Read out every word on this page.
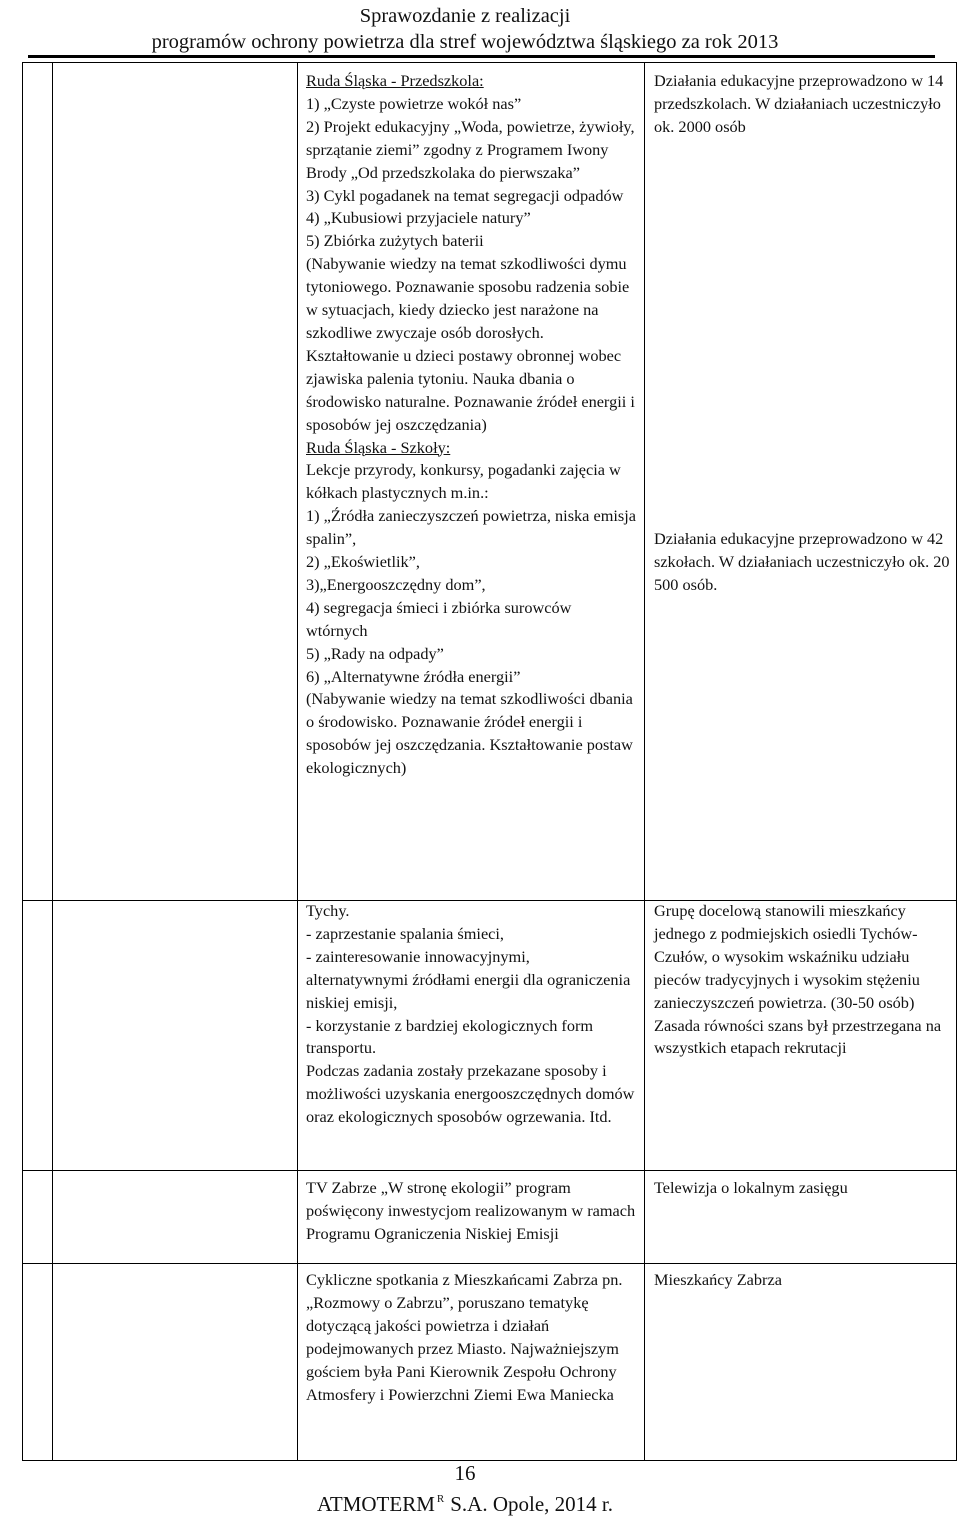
Sprawozdanie z realizacji
programów ochrony powietrza dla stref województwa śląskiego za rok 2013
Ruda Śląska - Przedszkola:
1) „Czyste powietrze wokół nas”
2) Projekt edukacyjny „Woda, powietrze, żywioły, sprzątanie ziemi” zgodny z Programem Iwony Brody „Od przedszkolaka do pierwszaka”
3) Cykl pogadanek na temat segregacji odpadów
4) „Kubusiowi przyjaciele natury”
5) Zbiórka zużytych baterii
(Nabywanie wiedzy na temat szkodliwości dymu tytoniowego. Poznawanie sposobu radzenia sobie w sytuacjach, kiedy dziecko jest narażone na szkodliwe zwyczaje osób dorosłych. Kształtowanie u dzieci postawy obronnej wobec zjawiska palenia tytoniu. Nauka dbania o środowisko naturalne. Poznawanie źródeł energii i sposobów jej oszczędzania)
Ruda Śląska - Szkoły:
Lekcje przyrody, konkursy, pogadanki zajęcia w kółkach plastycznych m.in.:
1) „Źródła zanieczyszczeń powietrza, niska emisja spalin”,
2) „Ekoświetlik”,
3)„Energooszczędny dom”,
4) segregacja śmieci i zbiórka surowców wtórnych
5) „Rady na odpady”
6) „Alternatywne źródła energii”
(Nabywanie wiedzy na temat szkodliwości dbania o środowisko. Poznawanie źródeł energii i sposobów jej oszczędzania. Kształtowanie postaw ekologicznych)
Działania edukacyjne przeprowadzono w 14 przedszkolach. W działaniach uczestniczyło ok. 2000 osób
Działania edukacyjne przeprowadzono w 42 szkołach. W działaniach uczestniczyło ok. 20 500 osób.
Tychy.
- zaprzestanie spalania śmieci,
- zainteresowanie innowacyjnymi, alternatywnymi źródłami energii dla ograniczenia niskiej emisji,
- korzystanie z bardziej ekologicznych form transportu.
Podczas zadania zostały przekazane sposoby i możliwości uzyskania energooszczędnych domów oraz ekologicznych sposobów ogrzewania. Itd.
Grupę docelową stanowili mieszkańcy jednego z podmiejskich osiedli Tychów- Czułów, o wysokim wskaźniku udziału pieców tradycyjnych i wysokim stężeniu zanieczyszczeń powietrza. (30-50 osób) Zasada równości szans był przestrzegana na wszystkich etapach rekrutacji
TV Zabrze „W stronę ekologii” program poświęcony inwestycjom realizowanym w ramach Programu Ograniczenia Niskiej Emisji
Telewizja o lokalnym zasięgu
Cykliczne spotkania z Mieszkańcami Zabrza pn. „Rozmowy o Zabrzu”, poruszano tematykę dotyczącą jakości powietrza i działań podejmowanych przez Miasto. Najważniejszym gościem była Pani Kierownik Zespołu Ochrony Atmosfery i Powierzchni Ziemi Ewa Maniecka
Mieszkańcy Zabrza
16
ATMOTERM $^R$ S.A. Opole, 2014 r.
